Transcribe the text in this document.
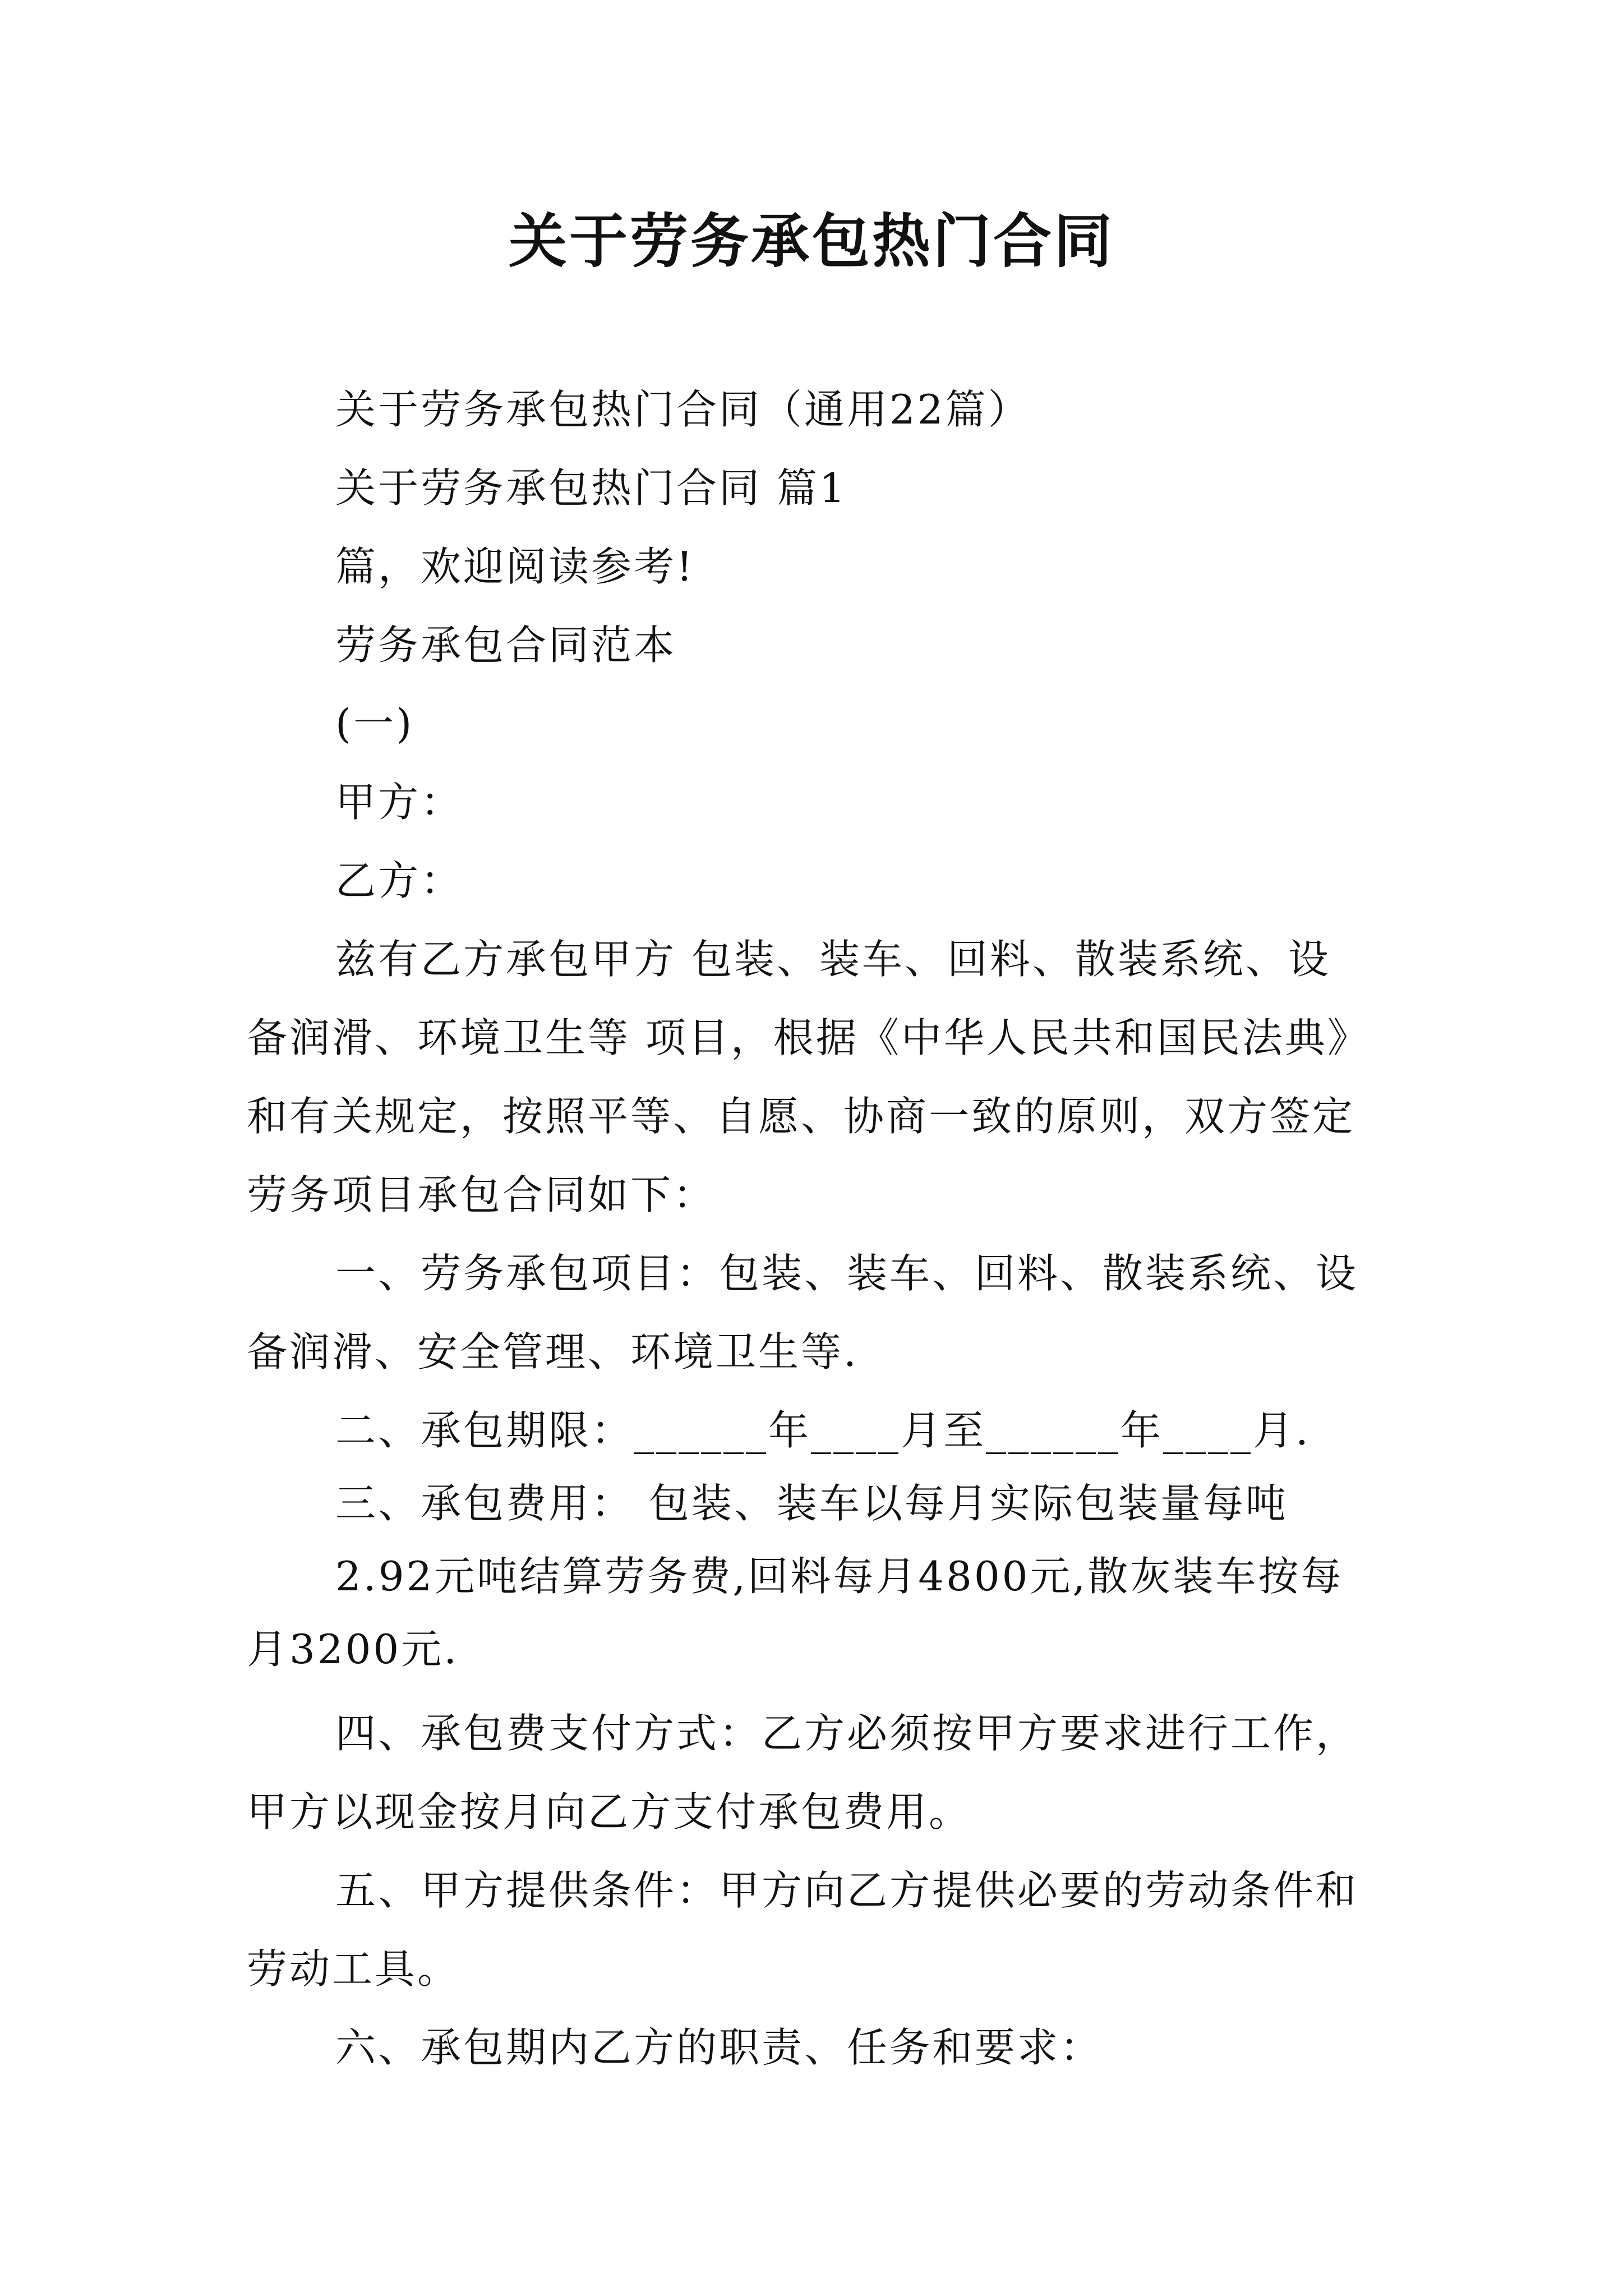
关于劳务承包热门合同

关于劳务承包热门合同（通用22篇）

关于劳务承包热门合同 篇1

篇，欢迎阅读参考!

劳务承包合同范本

(一)

甲方：

乙方：

兹有乙方承包甲方 包装、装车、回料、散装系统、设

备润滑、环境卫生等 项目，根据《中华人民共和国民法典》

和有关规定，按照平等、自愿、协商一致的原则，双方签定

劳务项目承包合同如下：

一、劳务承包项目：包装、装车、回料、散装系统、设

备润滑、安全管理、环境卫生等.

二、承包期限：______年____月至______年____月.

三、承包费用： 包装、装车以每月实际包装量每吨

2.92元吨结算劳务费,回料每月4800元,散灰装车按每

月3200元.

四、承包费支付方式：乙方必须按甲方要求进行工作，

甲方以现金按月向乙方支付承包费用。

五、甲方提供条件：甲方向乙方提供必要的劳动条件和

劳动工具。

六、承包期内乙方的职责、任务和要求：
